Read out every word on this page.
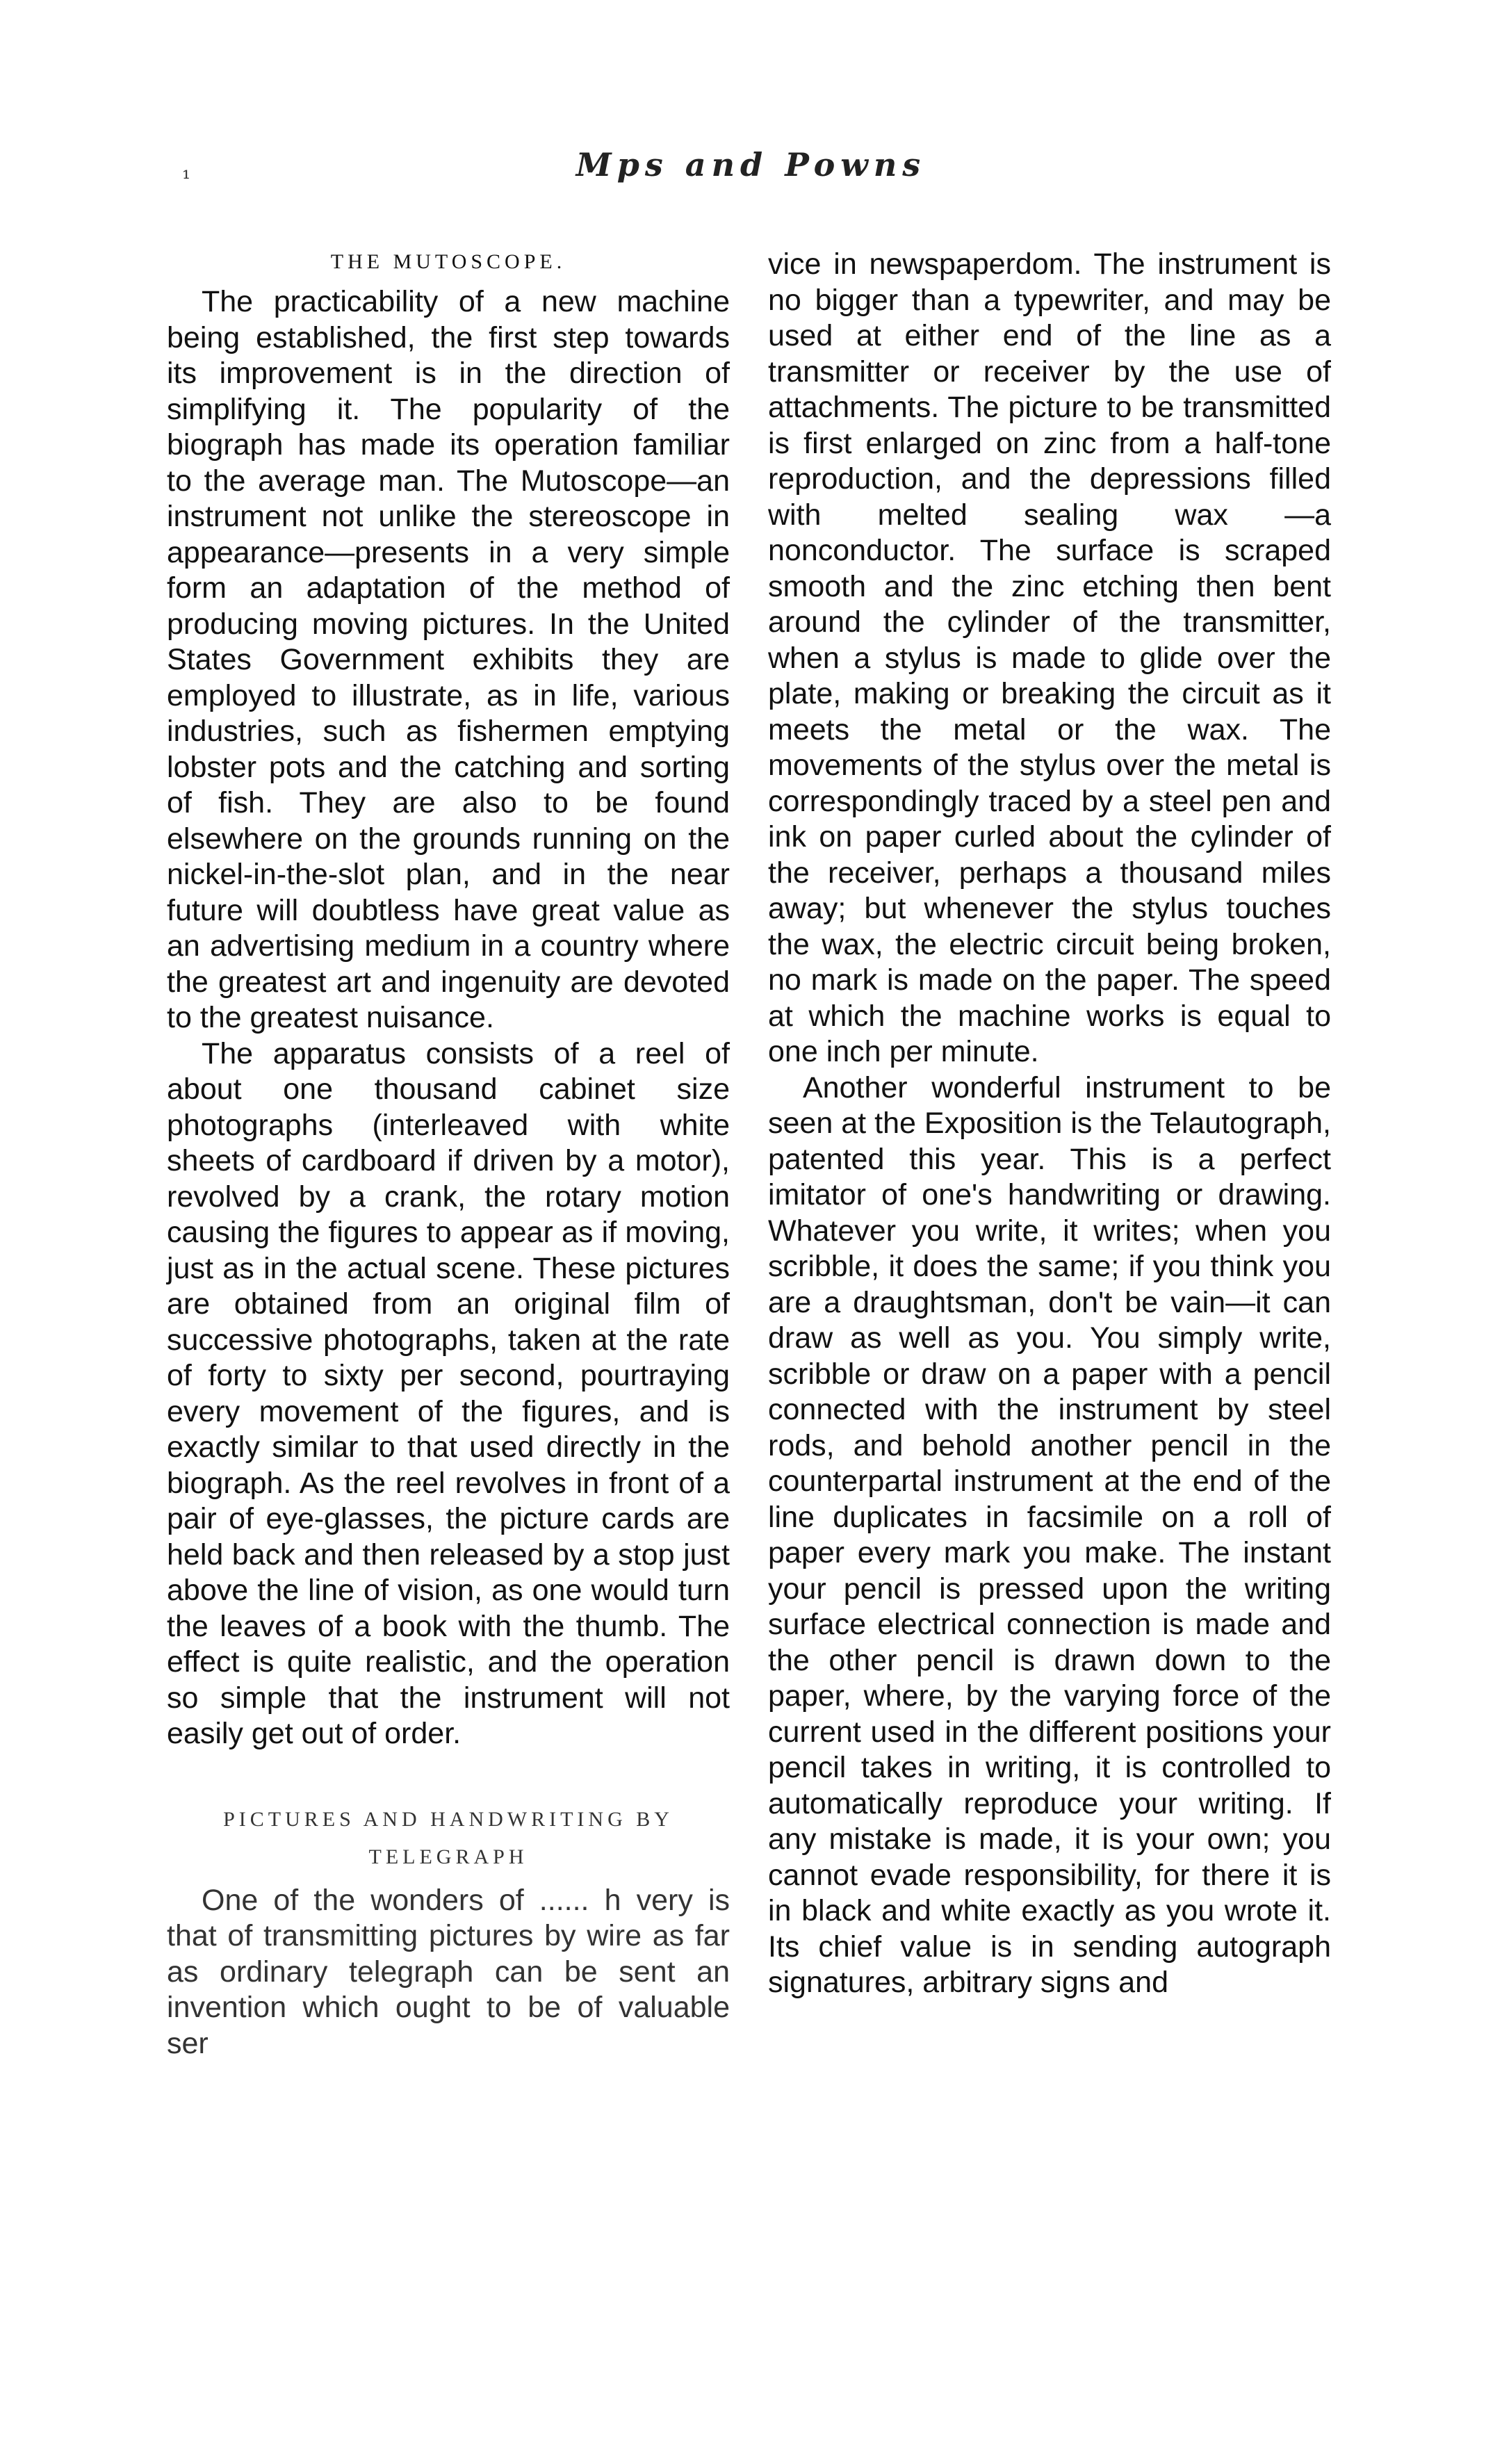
¹	Mps and Powns
THE MUTOSCOPE.

The practicability of a new machine being established, the first step towards its improvement is in the direction of simplifying it. The popularity of the biograph has made its operation familiar to the average man. The Mutoscope—an instrument not unlike the stereoscope in appearance—presents in a very simple form an adaptation of the method of producing moving pictures. In the United States Government exhibits they are employed to illustrate, as in life, various industries, such as fishermen emptying lobster pots and the catching and sorting of fish. They are also to be found elsewhere on the grounds running on the nickel-in-the-slot plan, and in the near future will doubtless have great value as an advertising medium in a country where the greatest art and ingenuity are devoted to the greatest nuisance.

The apparatus consists of a reel of about one thousand cabinet size photographs (interleaved with white sheets of cardboard if driven by a motor), revolved by a crank, the rotary motion causing the figures to appear as if moving, just as in the actual scene. These pictures are obtained from an original film of successive photographs, taken at the rate of forty to sixty per second, pourtraying every movement of the figures, and is exactly similar to that used directly in the biograph. As the reel revolves in front of a pair of eye-glasses, the picture cards are held back and then released by a stop just above the line of vision, as one would turn the leaves of a book with the thumb. The effect is quite realistic, and the operation so simple that the instrument will not easily get out of order.

PICTURES AND HANDWRITING BY
TELEGRAPH

One of the wonders of ...... h very is that of transmitting pictures by wire as far as ordinary telegraph can be sent an invention which ought to be of valuable ser

vice in newspaperdom. The instrument is no bigger than a typewriter, and may be used at either end of the line as a transmitter or receiver by the use of attachments. The picture to be transmitted is first enlarged on zinc from a half-tone reproduction, and the depressions filled with melted sealing wax —a nonconductor. The surface is scraped smooth and the zinc etching then bent around the cylinder of the transmitter, when a stylus is made to glide over the plate, making or breaking the circuit as it meets the metal or the wax. The movements of the stylus over the metal is correspondingly traced by a steel pen and ink on paper curled about the cylinder of the receiver, perhaps a thousand miles away; but whenever the stylus touches the wax, the electric circuit being broken, no mark is made on the paper. The speed at which the machine works is equal to one inch per minute.

Another wonderful instrument to be seen at the Exposition is the Telautograph, patented this year. This is a perfect imitator of one's handwriting or drawing. Whatever you write, it writes; when you scribble, it does the same; if you think you are a draughtsman, don't be vain—it can draw as well as you. You simply write, scribble or draw on a paper with a pencil connected with the instrument by steel rods, and behold another pencil in the counterpartal instrument at the end of the line duplicates in facsimile on a roll of paper every mark you make. The instant your pencil is pressed upon the writing surface electrical connection is made and the other pencil is drawn down to the paper, where, by the varying force of the current used in the different positions your pencil takes in writing, it is controlled to automatically reproduce your writing. If any mistake is made, it is your own; you cannot evade responsibility, for there it is in black and white exactly as you wrote it. Its chief value is in sending autograph signatures, arbitrary signs and
